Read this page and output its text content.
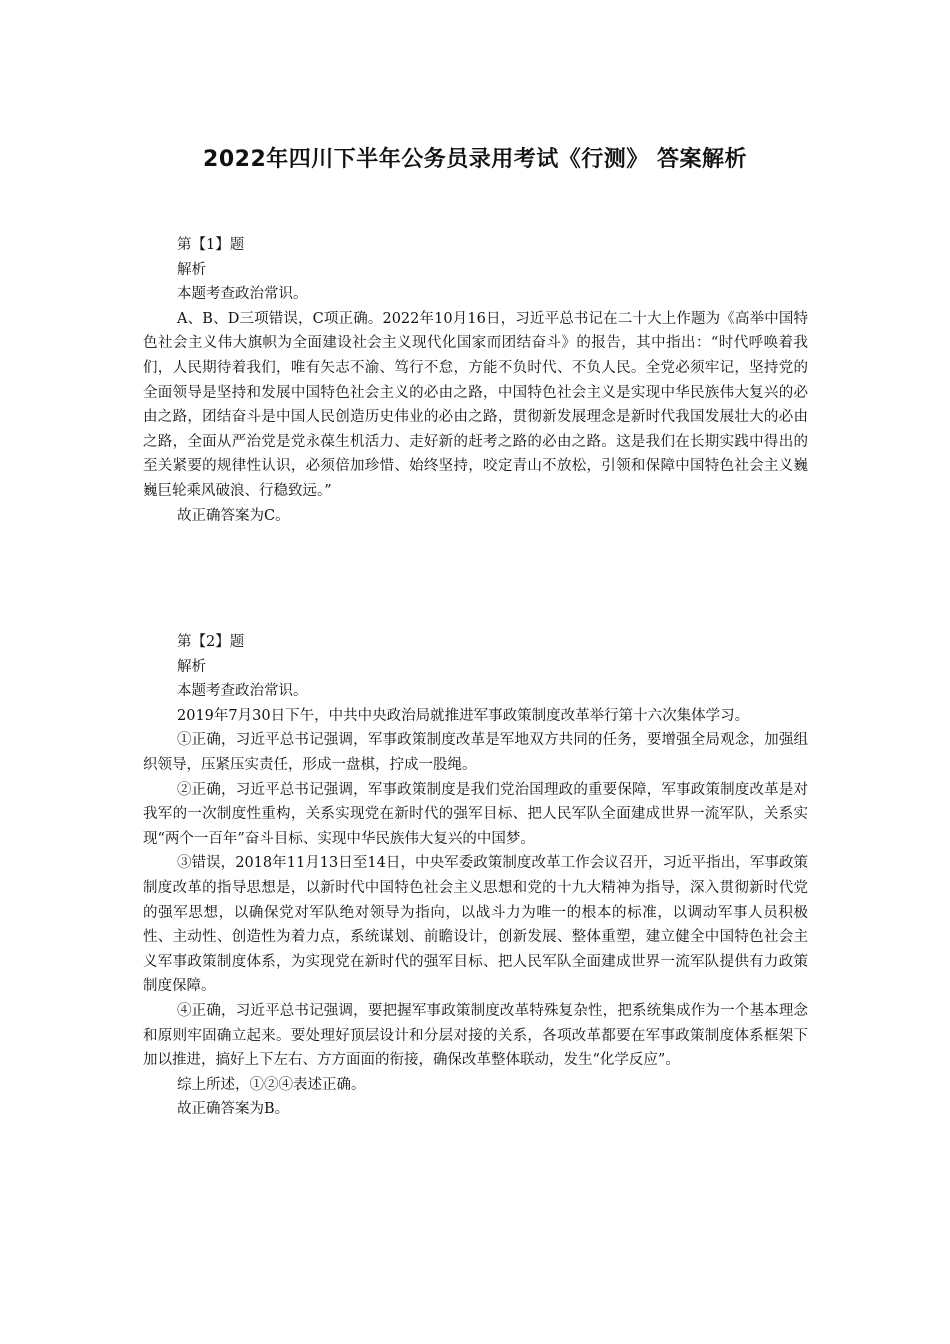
2022年四川下半年公务员录用考试《行测》 答案解析

第【1】题

解析

本题考查政治常识。

A、B、D三项错误，C项正确。2022年10月16日，习近平总书记在二十大上作题为《高举中国特色社会主义伟大旗帜为全面建设社会主义现代化国家而团结奋斗》的报告，其中指出：“时代呼唤着我们，人民期待着我们，唯有矢志不渝、笃行不怠，方能不负时代、不负人民。全党必须牢记，坚持党的全面领导是坚持和发展中国特色社会主义的必由之路，中国特色社会主义是实现中华民族伟大复兴的必由之路，团结奋斗是中国人民创造历史伟业的必由之路，贯彻新发展理念是新时代我国发展壮大的必由之路，全面从严治党是党永葆生机活力、走好新的赶考之路的必由之路。这是我们在长期实践中得出的至关紧要的规律性认识，必须倍加珍惜、始终坚持，咬定青山不放松，引领和保障中国特色社会主义巍巍巨轮乘风破浪、行稳致远。”

故正确答案为C。

第【2】题

解析

本题考查政治常识。

2019年7月30日下午，中共中央政治局就推进军事政策制度改革举行第十六次集体学习。

①正确，习近平总书记强调，军事政策制度改革是军地双方共同的任务，要增强全局观念，加强组织领导，压紧压实责任，形成一盘棋，拧成一股绳。

②正确，习近平总书记强调，军事政策制度是我们党治国理政的重要保障，军事政策制度改革是对我军的一次制度性重构，关系实现党在新时代的强军目标、把人民军队全面建成世界一流军队，关系实现“两个一百年”奋斗目标、实现中华民族伟大复兴的中国梦。

③错误，2018年11月13日至14日，中央军委政策制度改革工作会议召开，习近平指出，军事政策制度改革的指导思想是，以新时代中国特色社会主义思想和党的十九大精神为指导，深入贯彻新时代党的强军思想，以确保党对军队绝对领导为指向，以战斗力为唯一的根本的标准，以调动军事人员积极性、主动性、创造性为着力点，系统谋划、前瞻设计，创新发展、整体重塑，建立健全中国特色社会主义军事政策制度体系，为实现党在新时代的强军目标、把人民军队全面建成世界一流军队提供有力政策制度保障。

④正确，习近平总书记强调，要把握军事政策制度改革特殊复杂性，把系统集成作为一个基本理念和原则牢固确立起来。要处理好顶层设计和分层对接的关系，各项改革都要在军事政策制度体系框架下加以推进，搞好上下左右、方方面面的衔接，确保改革整体联动，发生“化学反应”。

综上所述，①②④表述正确。

故正确答案为B。
